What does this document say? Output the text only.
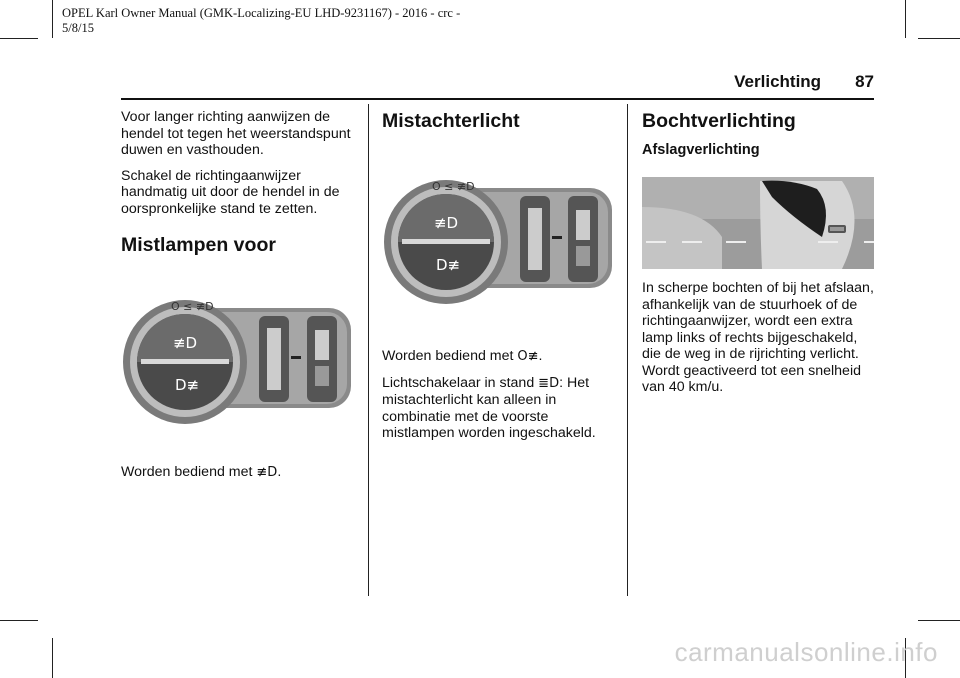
OPEL Karl Owner Manual (GMK-Localizing-EU LHD-9231167) - 2016 - crc -
5/8/15
Verlichting 87

Voor langer richting aanwijzen de hendel tot tegen het weerstandspunt duwen en vasthouden.

Schakel de richtingaanwijzer handmatig uit door de hendel in de oorspronkelijke stand te zetten.

Mistlampen voor
≢D
D≢
O ≤ ≢D
Worden bediend met ≢D.
Mistachterlicht
≢D
D≢
O ≤ ≢D

Worden bediend met O≢.

Lichtschakelaar in stand ≣D: Het mistachterlicht kan alleen in combinatie met de voorste mistlampen worden ingeschakeld.

Bochtverlichting
Afslagverlichting

In scherpe bochten of bij het afslaan, afhankelijk van de stuurhoek of de richtingaanwijzer, wordt een extra lamp links of rechts bijgeschakeld, die de weg in de rijrichting verlicht. Wordt geactiveerd tot een snelheid van 40 km/u.

carmanualsonline.info
